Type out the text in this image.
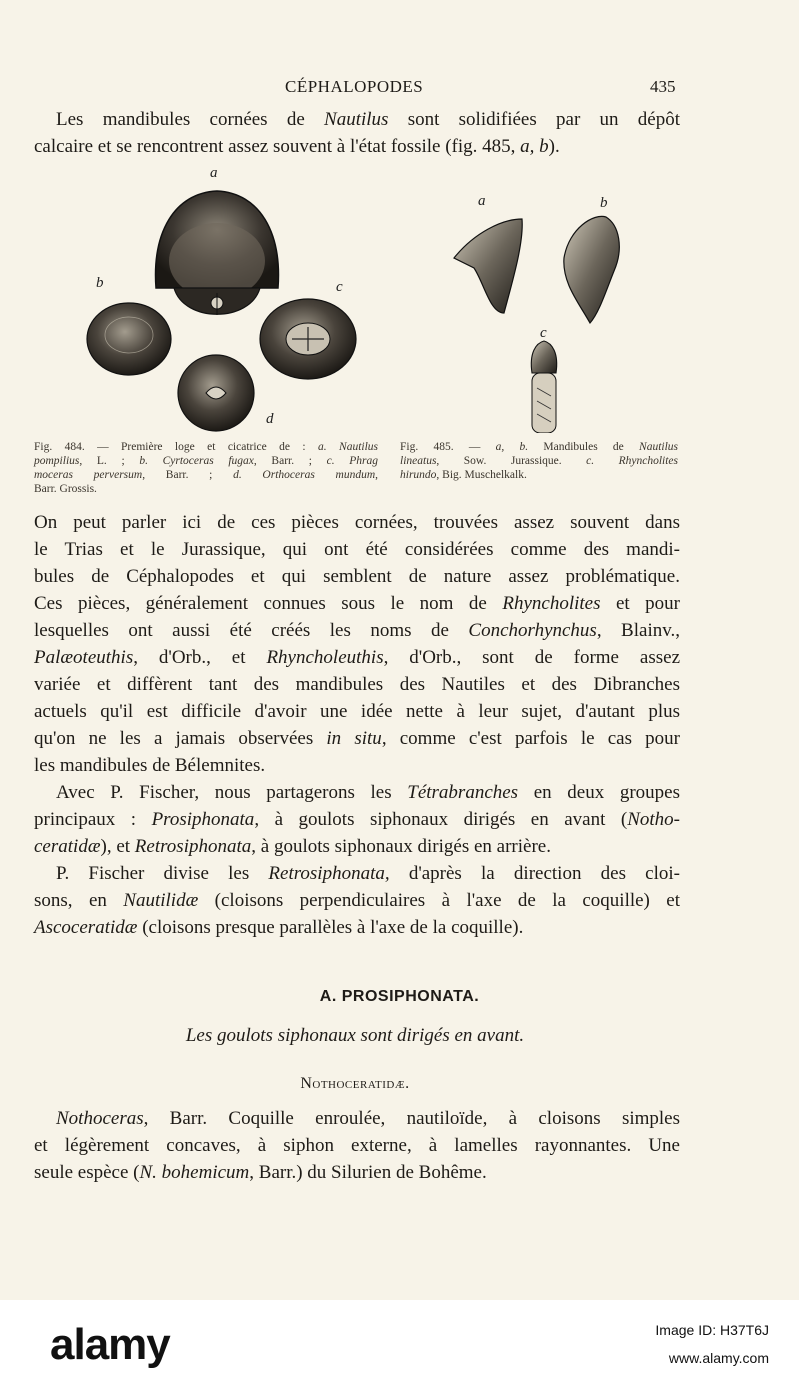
CÉPHALOPODES	435
Les mandibules cornées de Nautilus sont solidifiées par un dépôt
calcaire et se rencontrent assez souvent à l'état fossile (fig. 485, a, b).
a
b	c
d
a	b
c
Fig. 484. — Première loge et cicatrice de : a. Nautilus
pompilius, L. ; b. Cyrtoceras fugax, Barr. ; c. Phrag
moceras perversum, Barr. ; d. Orthoceras mundum,
Barr. Grossis.
Fig. 485. — a, b. Mandibules de Nautilus
lineatus, Sow. Jurassique. c. Rhyncholites
hirundo, Big. Muschelkalk.
On peut parler ici de ces pièces cornées, trouvées assez souvent dans
le Trias et le Jurassique, qui ont été considérées comme des mandi-
bules de Céphalopodes et qui semblent de nature assez problématique.
Ces pièces, généralement connues sous le nom de Rhyncholites et pour
lesquelles ont aussi été créés les noms de Conchorhynchus, Blainv.,
Palæoteuthis, d'Orb., et Rhyncholeuthis, d'Orb., sont de forme assez
variée et diffèrent tant des mandibules des Nautiles et des Dibranches
actuels qu'il est difficile d'avoir une idée nette à leur sujet, d'autant plus
qu'on ne les a jamais observées in situ, comme c'est parfois le cas pour
les mandibules de Bélemnites.
Avec P. Fischer, nous partagerons les Tétrabranches en deux groupes
principaux : Prosiphonata, à goulots siphonaux dirigés en avant (Notho-
ceratidæ), et Retrosiphonata, à goulots siphonaux dirigés en arrière.
P. Fischer divise les Retrosiphonata, d'après la direction des cloi-
sons, en Nautilidæ (cloisons perpendiculaires à l'axe de la coquille) et
Ascoceratidæ (cloisons presque parallèles à l'axe de la coquille).
A. PROSIPHONATA.
Les goulots siphonaux sont dirigés en avant.
Nothoceratidæ.
Nothoceras, Barr. Coquille enroulée, nautiloïde, à cloisons simples
et légèrement concaves, à siphon externe, à lamelles rayonnantes. Une
seule espèce (N. bohemicum, Barr.) du Silurien de Bohême.
alamy	Image ID: H37T6J
www.alamy.com
